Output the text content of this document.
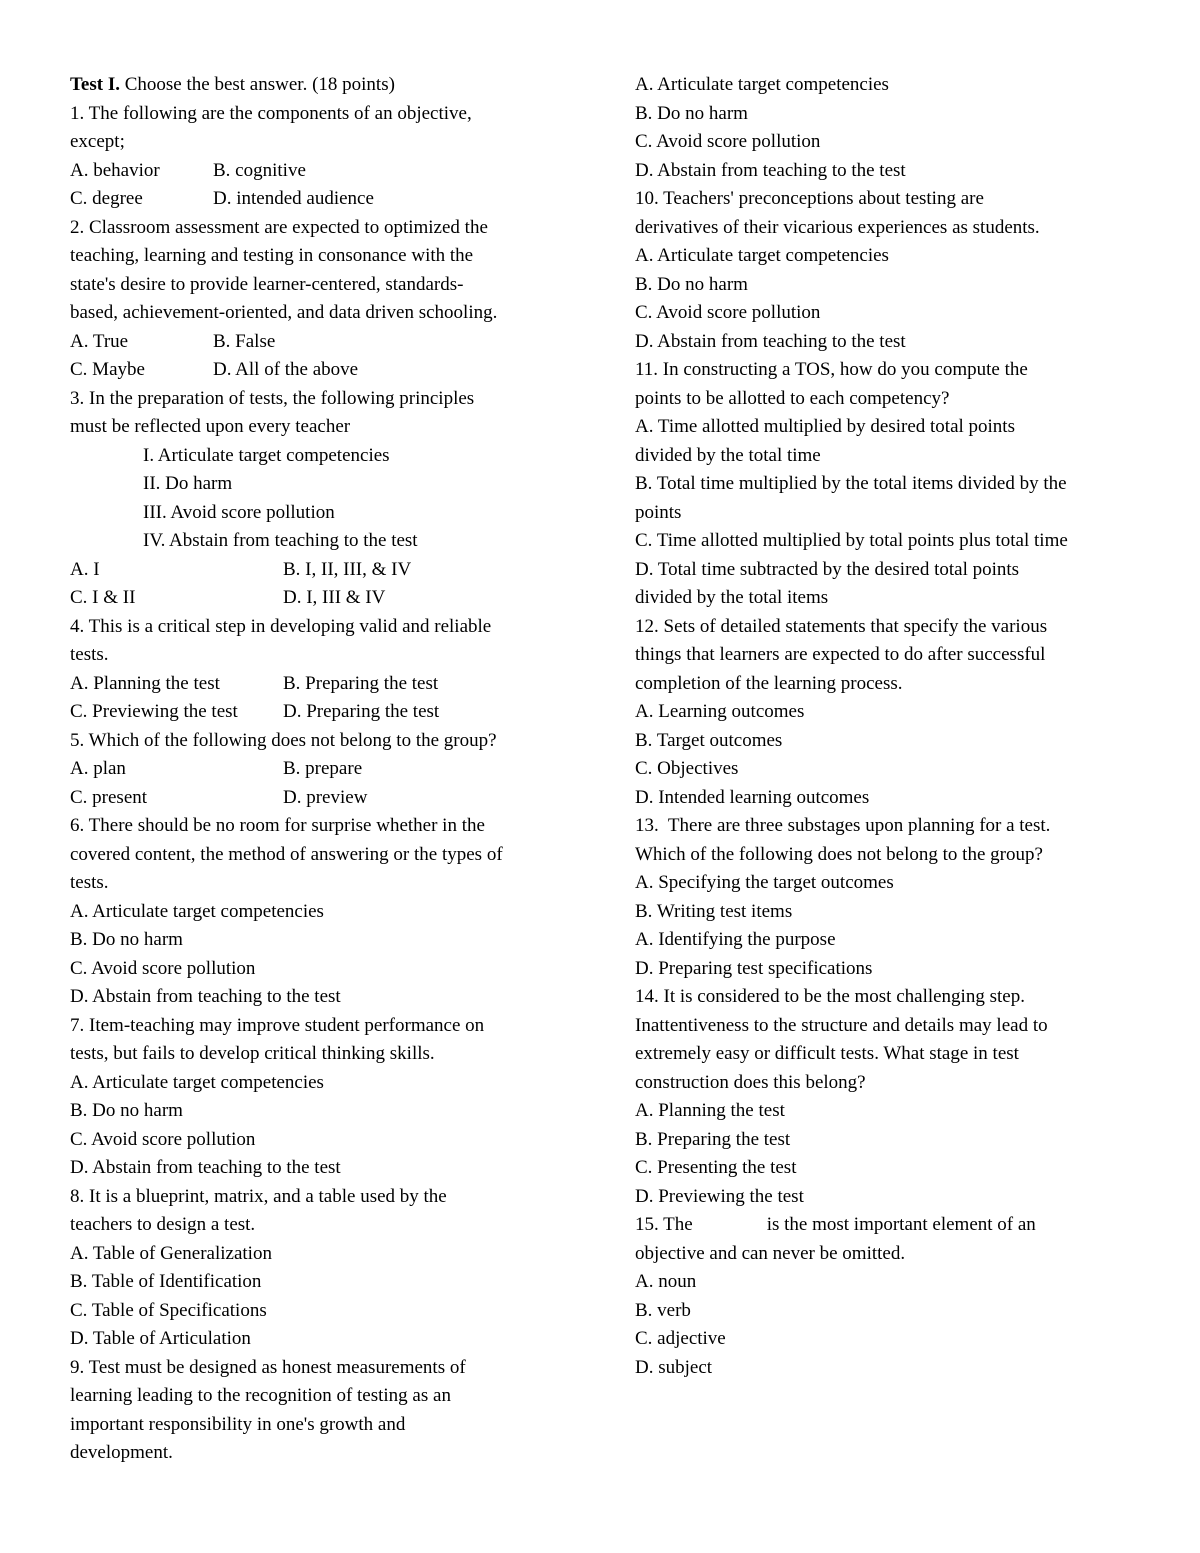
Test I. Choose the best answer. (18 points)
1. The following are the components of an objective,
except;
A. behavior	B. cognitive
C. degree	D. intended audience
2. Classroom assessment are expected to optimized the
teaching, learning and testing in consonance with the
state's desire to provide learner-centered, standards-
based, achievement-oriented, and data driven schooling.
A. True	B. False
C. Maybe	D. All of the above
3. In the preparation of tests, the following principles
must be reflected upon every teacher
I. Articulate target competencies
II. Do harm
III. Avoid score pollution
IV. Abstain from teaching to the test
A. I	B. I, II, III, & IV
C. I & II	D. I, III & IV
4. This is a critical step in developing valid and reliable
tests.
A. Planning the test	B. Preparing the test
C. Previewing the test D. Preparing the test
5. Which of the following does not belong to the group?
A. plan	B. prepare
C. present	D. preview
6. There should be no room for surprise whether in the
covered content, the method of answering or the types of
tests.
A. Articulate target competencies
B. Do no harm
C. Avoid score pollution
D. Abstain from teaching to the test
7. Item-teaching may improve student performance on
tests, but fails to develop critical thinking skills.
A. Articulate target competencies
B. Do no harm
C. Avoid score pollution
D. Abstain from teaching to the test
8. It is a blueprint, matrix, and a table used by the
teachers to design a test.
A. Table of Generalization
B. Table of Identification
C. Table of Specifications
D. Table of Articulation
9. Test must be designed as honest measurements of
learning leading to the recognition of testing as an
important responsibility in one's growth and
development.
A. Articulate target competencies
B. Do no harm
C. Avoid score pollution
D. Abstain from teaching to the test
10. Teachers' preconceptions about testing are
derivatives of their vicarious experiences as students.
A. Articulate target competencies
B. Do no harm
C. Avoid score pollution
D. Abstain from teaching to the test
11. In constructing a TOS, how do you compute the
points to be allotted to each competency?
A. Time allotted multiplied by desired total points
divided by the total time
B. Total time multiplied by the total items divided by the
points
C. Time allotted multiplied by total points plus total time
D. Total time subtracted by the desired total points
divided by the total items
12. Sets of detailed statements that specify the various
things that learners are expected to do after successful
completion of the learning process.
A. Learning outcomes
B. Target outcomes
C. Objectives
D. Intended learning outcomes
13.  There are three substages upon planning for a test.
Which of the following does not belong to the group?
A. Specifying the target outcomes
B. Writing test items
A. Identifying the purpose
D. Preparing test specifications
14. It is considered to be the most challenging step.
Inattentiveness to the structure and details may lead to
extremely easy or difficult tests. What stage in test
construction does this belong?
A. Planning the test
B. Preparing the test
C. Presenting the test
D. Previewing the test
15. The	is the most important element of an
objective and can never be omitted.
A. noun
B. verb
C. adjective
D. subject
